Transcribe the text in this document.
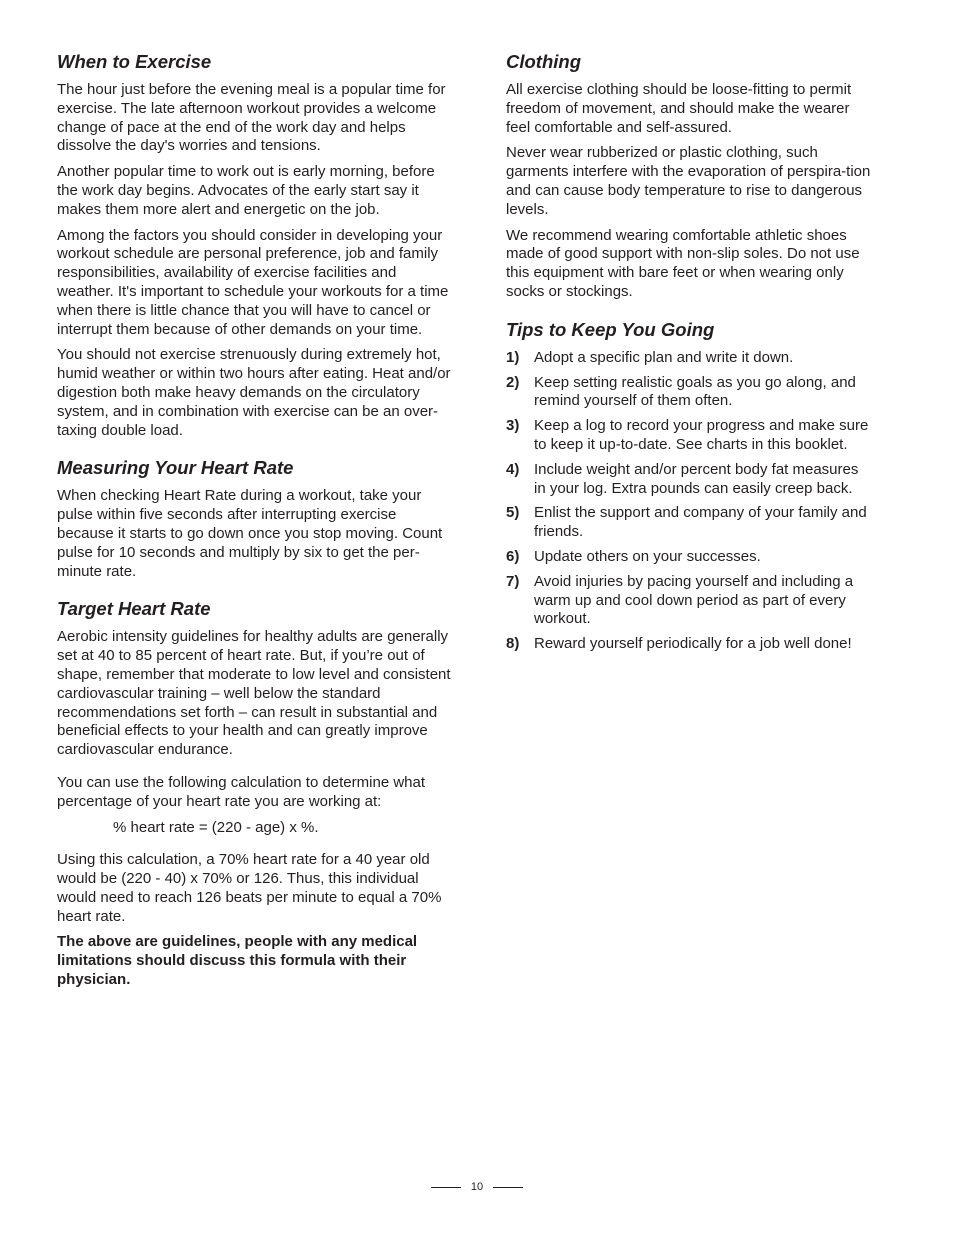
When to Exercise

The hour just before the evening meal is a popular time for exercise. The late afternoon workout provides a welcome change of pace at the end of the work day and helps dissolve the day's worries and tensions.

Another popular time to work out is early morning, before the work day begins. Advocates of the early start say it makes them more alert and energetic on the job.

Among the factors you should consider in developing your workout schedule are personal preference, job and family responsibilities, availability of exercise facilities and weather. It's important to schedule your workouts for a time when there is little chance that you will have to cancel or interrupt them because of other demands on your time.

You should not exercise strenuously during extremely hot, humid weather or within two hours after eating. Heat and/or digestion both make heavy demands on the circulatory system, and in combination with exercise can be an over-taxing double load.

Measuring Your Heart Rate

When checking Heart Rate during a workout, take your pulse within five seconds after interrupting exercise because it starts to go down once you stop moving. Count pulse for 10 seconds and multiply by six to get the per-minute rate.

Target Heart Rate

Aerobic intensity guidelines for healthy adults are generally set at 40 to 85 percent of heart rate. But, if you’re out of shape, remember that moderate to low level and consistent cardiovascular training – well below the standard recommendations set forth – can result in substantial and beneficial effects to your health and can greatly improve cardiovascular endurance.

You can use the following calculation to determine what percentage of your heart rate you are working at:

% heart rate = (220 - age) x %.

Using this calculation, a 70% heart rate for a 40 year old would be (220 - 40) x 70% or 126. Thus, this individual would need to reach 126 beats per minute to equal a 70% heart rate.

The above are guidelines, people with any medical limitations should discuss this formula with their physician.

Clothing

All exercise clothing should be loose-fitting to permit freedom of movement, and should make the wearer feel comfortable and self-assured.

Never wear rubberized or plastic clothing, such garments interfere with the evaporation of perspira-tion and can cause body temperature to rise to dangerous levels.

We recommend wearing comfortable athletic shoes made of good support with non-slip soles. Do not use this equipment with bare feet or when wearing only socks or stockings.

Tips to Keep You Going
1) Adopt a specific plan and write it down.
2) Keep setting realistic goals as you go along, and remind yourself of them often.
3) Keep a log to record your progress and make sure to keep it up-to-date. See charts in this booklet.
4) Include weight and/or percent body fat measures in your log. Extra pounds can easily creep back.
5) Enlist the support and company of your family and friends.
6) Update others on your successes.
7) Avoid injuries by pacing yourself and including a warm up and cool down period as part of every workout.
8) Reward yourself periodically for a job well done!
10
